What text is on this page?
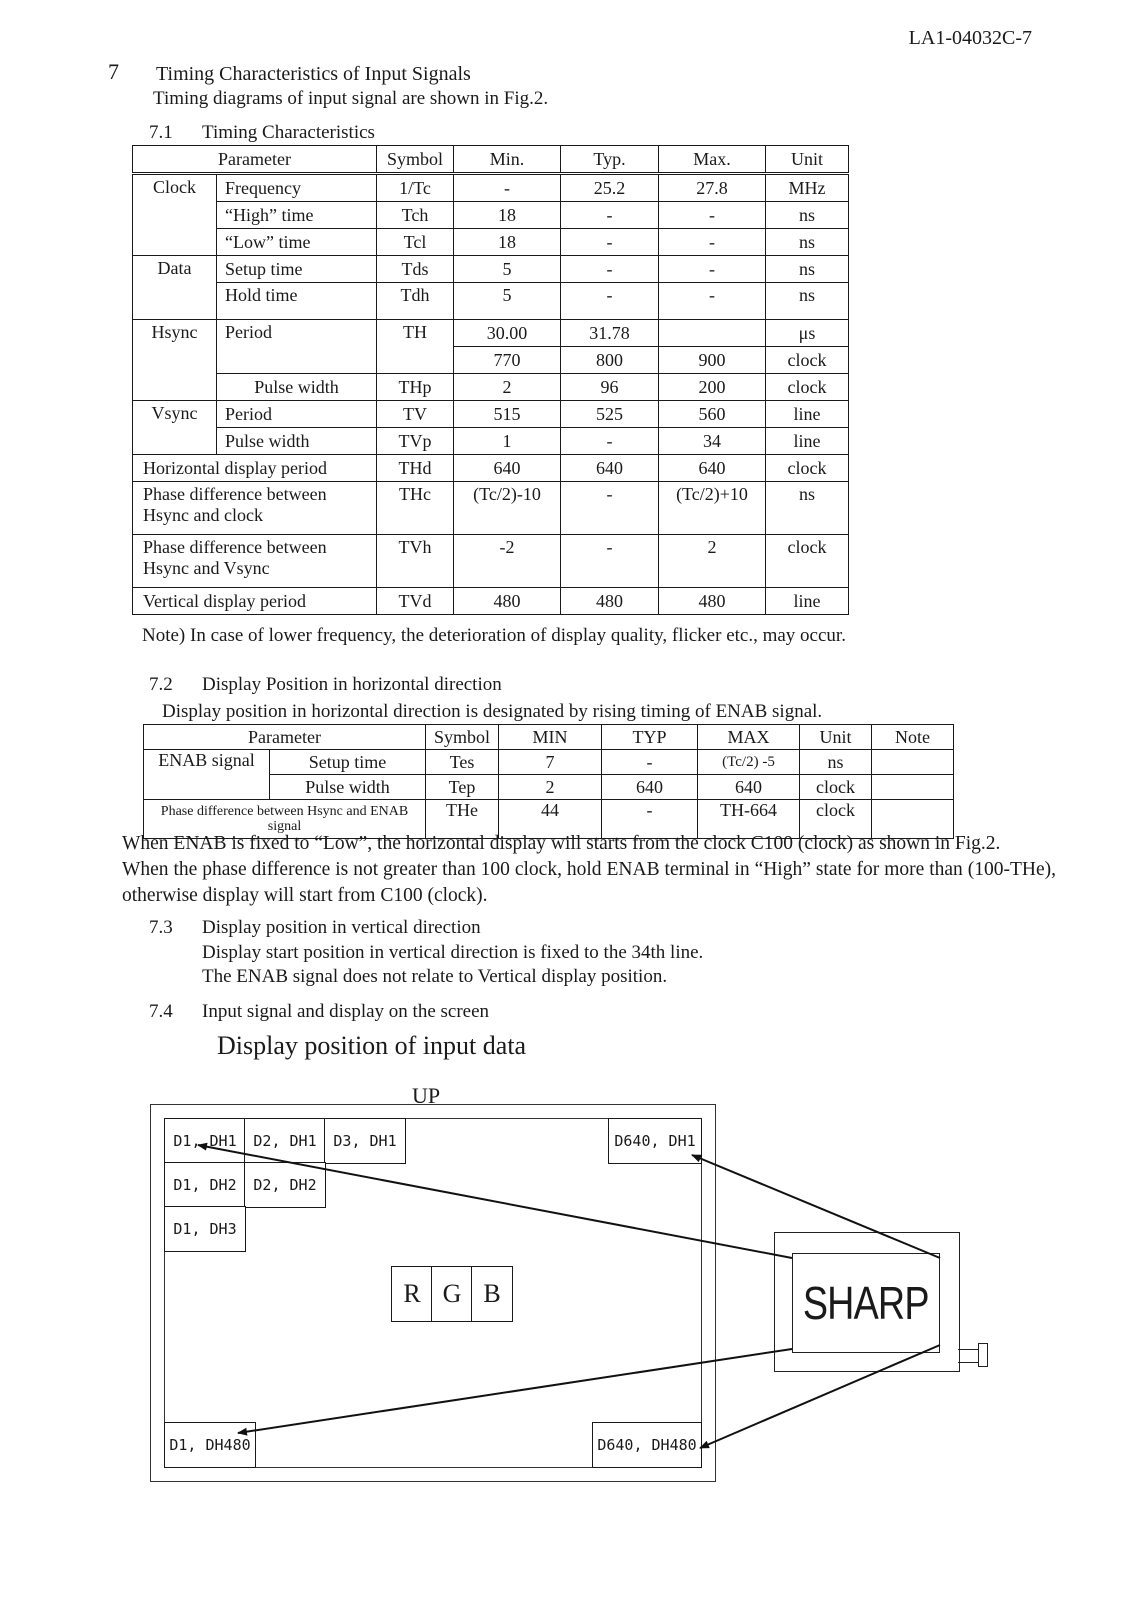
LA1-04032C-7
7 Timing Characteristics of Input Signals
Timing diagrams of input signal are shown in Fig.2.
7.1 Timing Characteristics
Parameter		Symbol	Min.	Typ.	Max.	Unit
Clock	Frequency	1/Tc	-	25.2	27.8	MHz
	“High” time	Tch	18	-	-	ns
	“Low” time	Tcl	18	-	-	ns
Data	Setup time	Tds	5	-	-	ns
	Hold time	Tdh	5	-	-	ns
Hsync	Period	TH	30.00	31.78		μs
			770	800	900	clock
	Pulse width	THp	2	96	200	clock
Vsync	Period	TV	515	525	560	line
	Pulse width	TVp	1	-	34	line
Horizontal display period		THd	640	640	640	clock
Phase difference between Hsync and clock		THc	(Tc/2)-10	-	(Tc/2)+10	ns
Phase difference between Hsync and Vsync		TVh	-2	-	2	clock
Vertical display period		TVd	480	480	480	line
Note) In case of lower frequency, the deterioration of display quality, flicker etc., may occur.
7.2 Display Position in horizontal direction
Display position in horizontal direction is designated by rising timing of ENAB signal.
Parameter		Symbol	MIN	TYP	MAX	Unit	Note
ENAB signal	Setup time	Tes	7	-	(Tc/2) -5	ns	
	Pulse width	Tep	2	640	640	clock	
Phase difference between Hsync and ENAB signal		THe	44	-	TH-664	clock	
When ENAB is fixed to “Low”, the horizontal display will starts from the clock C100 (clock) as shown in Fig.2.
When the phase difference is not greater than 100 clock, hold ENAB terminal in “High” state for more than (100-THe), otherwise display will start from C100 (clock).
7.3 Display position in vertical direction
Display start position in vertical direction is fixed to the 34th line.
The ENAB signal does not relate to Vertical display position.
7.4 Input signal and display on the screen
Display position of input data
UP
D1, DH1 D2, DH1 D3, DH1	D640, DH1
D1, DH2 D2, DH2
D1, DH3
D1, DH480	D640, DH480
R G B	SHARP
